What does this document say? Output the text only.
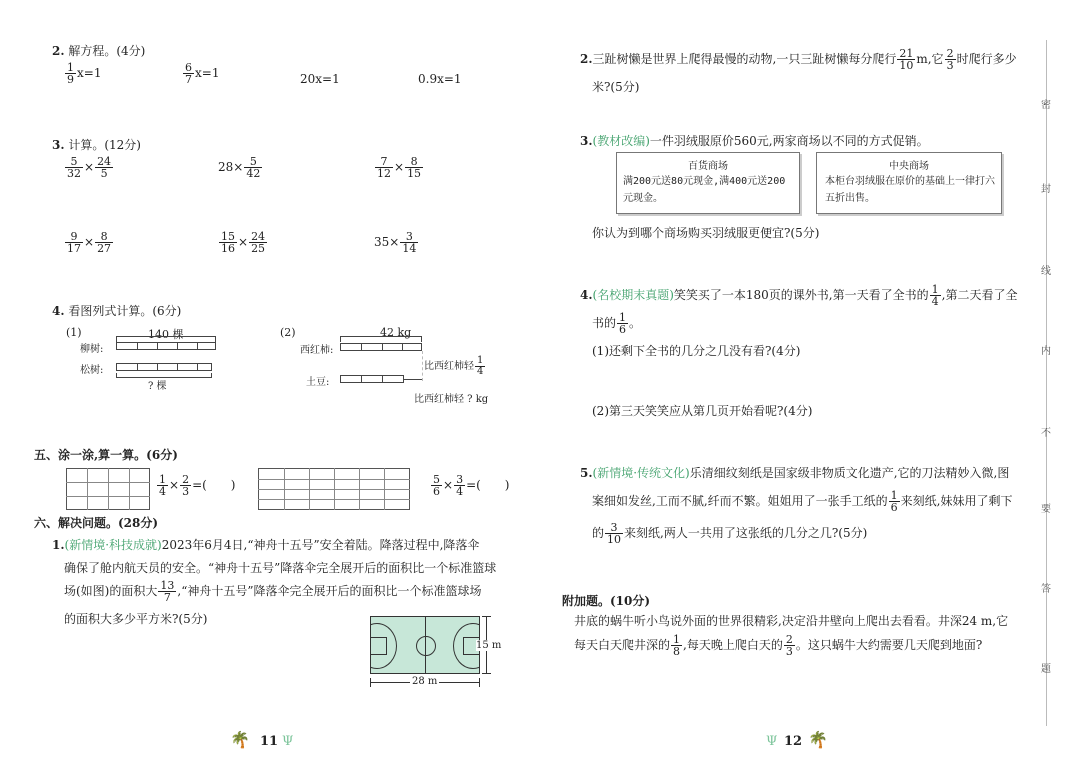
2. 解方程。(4分)
$\frac{1}{9} x=1$	$\frac{6}{7} x=1$	20x=1	0.9x=1
3. 计算。(12分)
$\frac{5}{32} \times \frac{24}{5}$	$28\times \frac{5}{42}$	$\frac{7}{12} \times \frac{8}{15}$
$\frac{9}{17} \times \frac{8}{27}$	$\frac{15}{16} \times \frac{24}{25}$	$35\times \frac{3}{14}$
4. 看图列式计算。(6分)
(1)	140 棵
柳树:
松树:
? 棵
(2)	42 kg
西红柿:
比西红柿轻 $\frac{1}{4}$
土豆:
比西红柿轻 ? kg
五、涂一涂,算一算。(6分)
$\frac{1}{4} \times \frac{2}{3}$ =(　　)	$\frac{5}{6} \times \frac{3}{4}$ =(　　)
六、解决问题。(28分)
1.(新情境·科技成就)2023年6月4日,“神舟十五号”安全着陆。降落过程中,降落伞
确保了舱内航天员的安全。“神舟十五号”降落伞完全展开后的面积比一个标准篮球
场(如图)的面积大 $\frac{13}{7}$ ,“神舟十五号”降落伞完全展开后的面积比一个标准篮球场
的面积大多少平方米?(5分)
15 m
28 m
🌴 11 Ψ
2.三趾树懒是世界上爬得最慢的动物,一只三趾树懒每分爬行 $\frac{21}{10} m$,它 $\frac{2}{3}$ 时爬行多少
米?(5分)
3.(教材改编)一件羽绒服原价560元,两家商场以不同的方式促销。
百货商场
满200元送80元现金,满400元送200元现金。
中央商场
本柜台羽绒服在原价的基础上一律打六五折出售。
你认为到哪个商场购买羽绒服更便宜?(5分)
4.(名校期末真题)笑笑买了一本180页的课外书,第一天看了全书的 $\frac{1}{4}$ ,第二天看了全
书的 $\frac{1}{6}$ 。
(1)还剩下全书的几分之几没有看?(4分)
(2)第三天笑笑应从第几页开始看呢?(4分)
5.(新情境·传统文化)乐清细纹刻纸是国家级非物质文化遗产,它的刀法精妙入微,图
案细如发丝,工而不腻,纤而不繁。姐姐用了一张手工纸的 $\frac{1}{6}$ 来刻纸,妹妹用了剩下
的 $\frac{3}{10}$ 来刻纸,两人一共用了这张纸的几分之几?(5分)
附加题。(10分)
井底的蜗牛听小鸟说外面的世界很精彩,决定沿井壁向上爬出去看看。井深24 m,它
每天白天爬井深的 $\frac{1}{8}$ ,每天晚上爬白天的 $\frac{2}{3}$ 。这只蜗牛大约需要几天爬到地面?
Ψ 12 🌴
密
封
线
内
不
要
答
题
